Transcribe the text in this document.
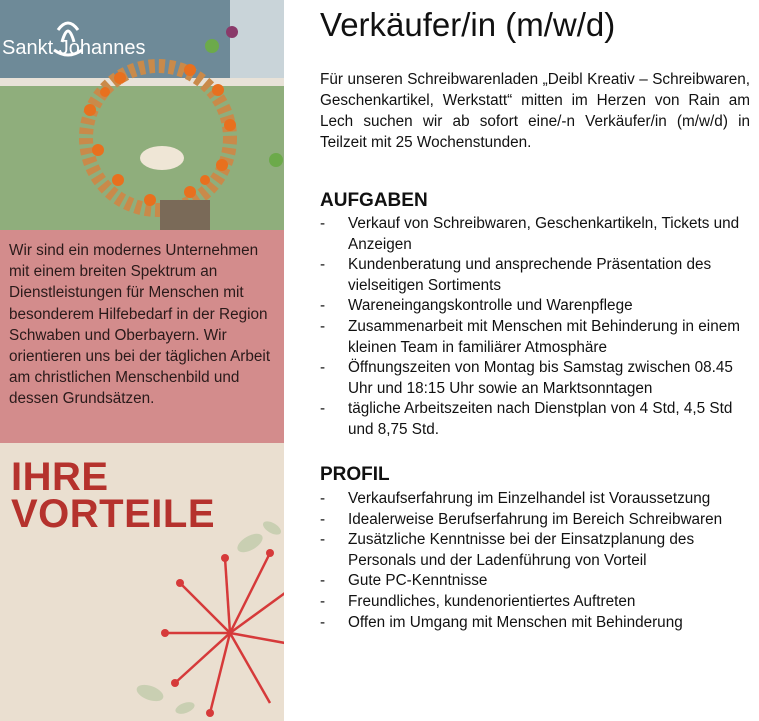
Sankt Johannes

Wir sind ein modernes Unternehmen mit einem breiten Spektrum an Dienstleistungen für Menschen mit besonderem Hilfebedarf in der Region Schwaben und Oberbayern. Wir orientieren uns bei der täglichen Arbeit am christlichen Menschenbild und dessen Grundsätzen.

IHRE
VORTEILE
Verkäufer/in (m/w/d)

Für unseren Schreibwarenladen „Deibl Kreativ – Schreibwaren, Geschenkartikel, Werkstatt“ mitten im Herzen von Rain am Lech suchen wir ab sofort eine/-n Verkäufer/in (m/w/d) in Teilzeit mit 25 Wochenstunden.

AUFGABEN
- Verkauf von Schreibwaren, Geschenkartikeln, Tickets und Anzeigen
- Kundenberatung und ansprechende Präsentation des vielseitigen Sortiments
- Wareneingangskontrolle und Warenpflege
- Zusammenarbeit mit Menschen mit Behinderung in einem kleinen Team in familiärer Atmosphäre
- Öffnungszeiten von Montag bis Samstag zwischen 08.45 Uhr und 18:15 Uhr sowie an Marktsonntagen
- tägliche Arbeitszeiten nach Dienstplan von 4 Std, 4,5 Std und 8,75 Std.
PROFIL
- Verkaufserfahrung im Einzelhandel ist Voraussetzung
- Idealerweise Berufserfahrung im Bereich Schreibwaren
- Zusätzliche Kenntnisse bei der Einsatzplanung des Personals und der Ladenführung von Vorteil
- Gute PC-Kenntnisse
- Freundliches, kundenorientiertes Auftreten
- Offen im Umgang mit Menschen mit Behinderung
